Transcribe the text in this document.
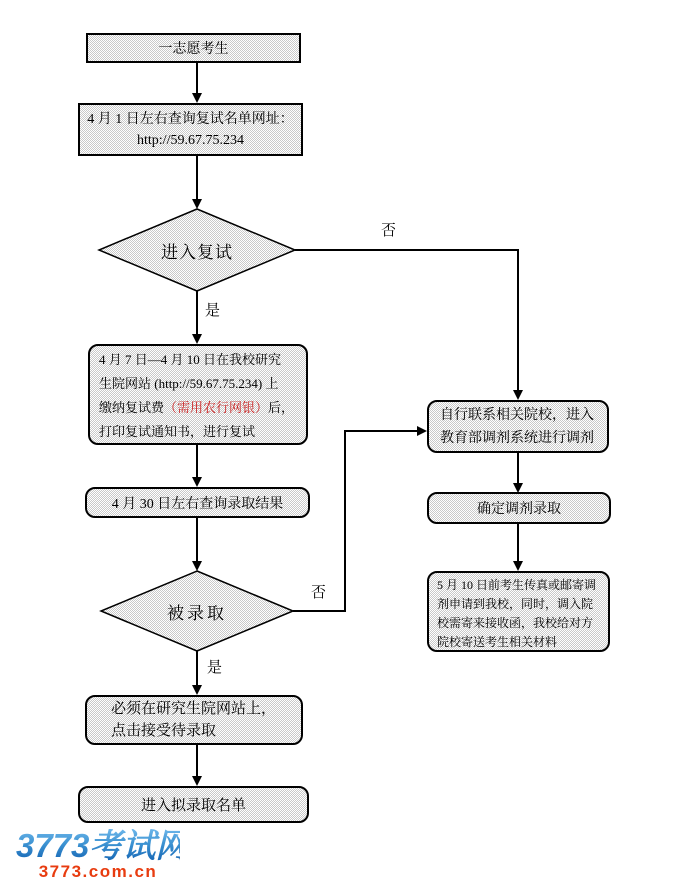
一志愿考生
4 月 1 日左右查询复试名单网址：
http://59.67.75.234
4 月 7 日—4 月 10 日在我校研究
生院网站 (http://59.67.75.234) 上
缴纳复试费（需用农行网银）后，
打印复试通知书，进行复试
4 月 30 日左右查询录取结果
必须在研究生院网站上，
点击接受待录取
进入拟录取名单
自行联系相关院校，进入
教育部调剂系统进行调剂
确定调剂录取
5 月 10 日前考生传真或邮寄调
剂申请到我校，同时，调入院
校需寄来接收函，我校给对方
院校寄送考生相关材料
进入复试
被录取
否
是
否
是
3773考试网
3773.com.cn
